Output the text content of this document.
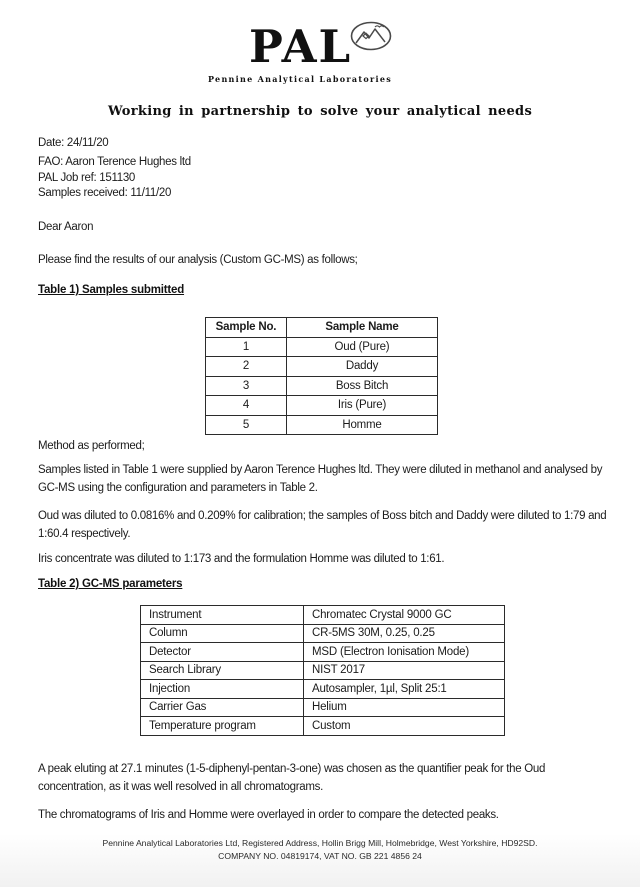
PAL
Pennine Analytical Laboratories
Working in partnership to solve your analytical needs
Date: 24/11/20
FAO: Aaron Terence Hughes ltd
PAL Job ref: 151130
Samples received: 11/11/20
Dear Aaron
Please find the results of our analysis (Custom GC-MS) as follows;
Table 1) Samples submitted
Sample No.	Sample Name
1	Oud (Pure)
2	Daddy
3	Boss Bitch
4	Iris (Pure)
5	Homme
Method as performed;
Samples listed in Table 1 were supplied by Aaron Terence Hughes ltd. They were diluted in methanol and analysed by GC-MS using the configuration and parameters in Table 2.
Oud was diluted to 0.0816% and 0.209% for calibration; the samples of Boss bitch and Daddy were diluted to 1:79 and 1:60.4 respectively.
Iris concentrate was diluted to 1:173 and the formulation Homme was diluted to 1:61.
Table 2) GC-MS parameters
Instrument	Chromatec Crystal 9000 GC
Column	CR-5MS 30M, 0.25, 0.25
Detector	MSD (Electron Ionisation Mode)
Search Library	NIST 2017
Injection	Autosampler, 1µl, Split 25:1
Carrier Gas	Helium
Temperature program	Custom
A peak eluting at 27.1 minutes (1-5-diphenyl-pentan-3-one) was chosen as the quantifier peak for the Oud concentration, as it was well resolved in all chromatograms.
The chromatograms of Iris and Homme were overlayed in order to compare the detected peaks.
Pennine Analytical Laboratories Ltd, Registered Address, Hollin Brigg Mill, Holmebridge, West Yorkshire, HD92SD.
COMPANY NO. 04819174, VAT NO. GB 221 4856 24
